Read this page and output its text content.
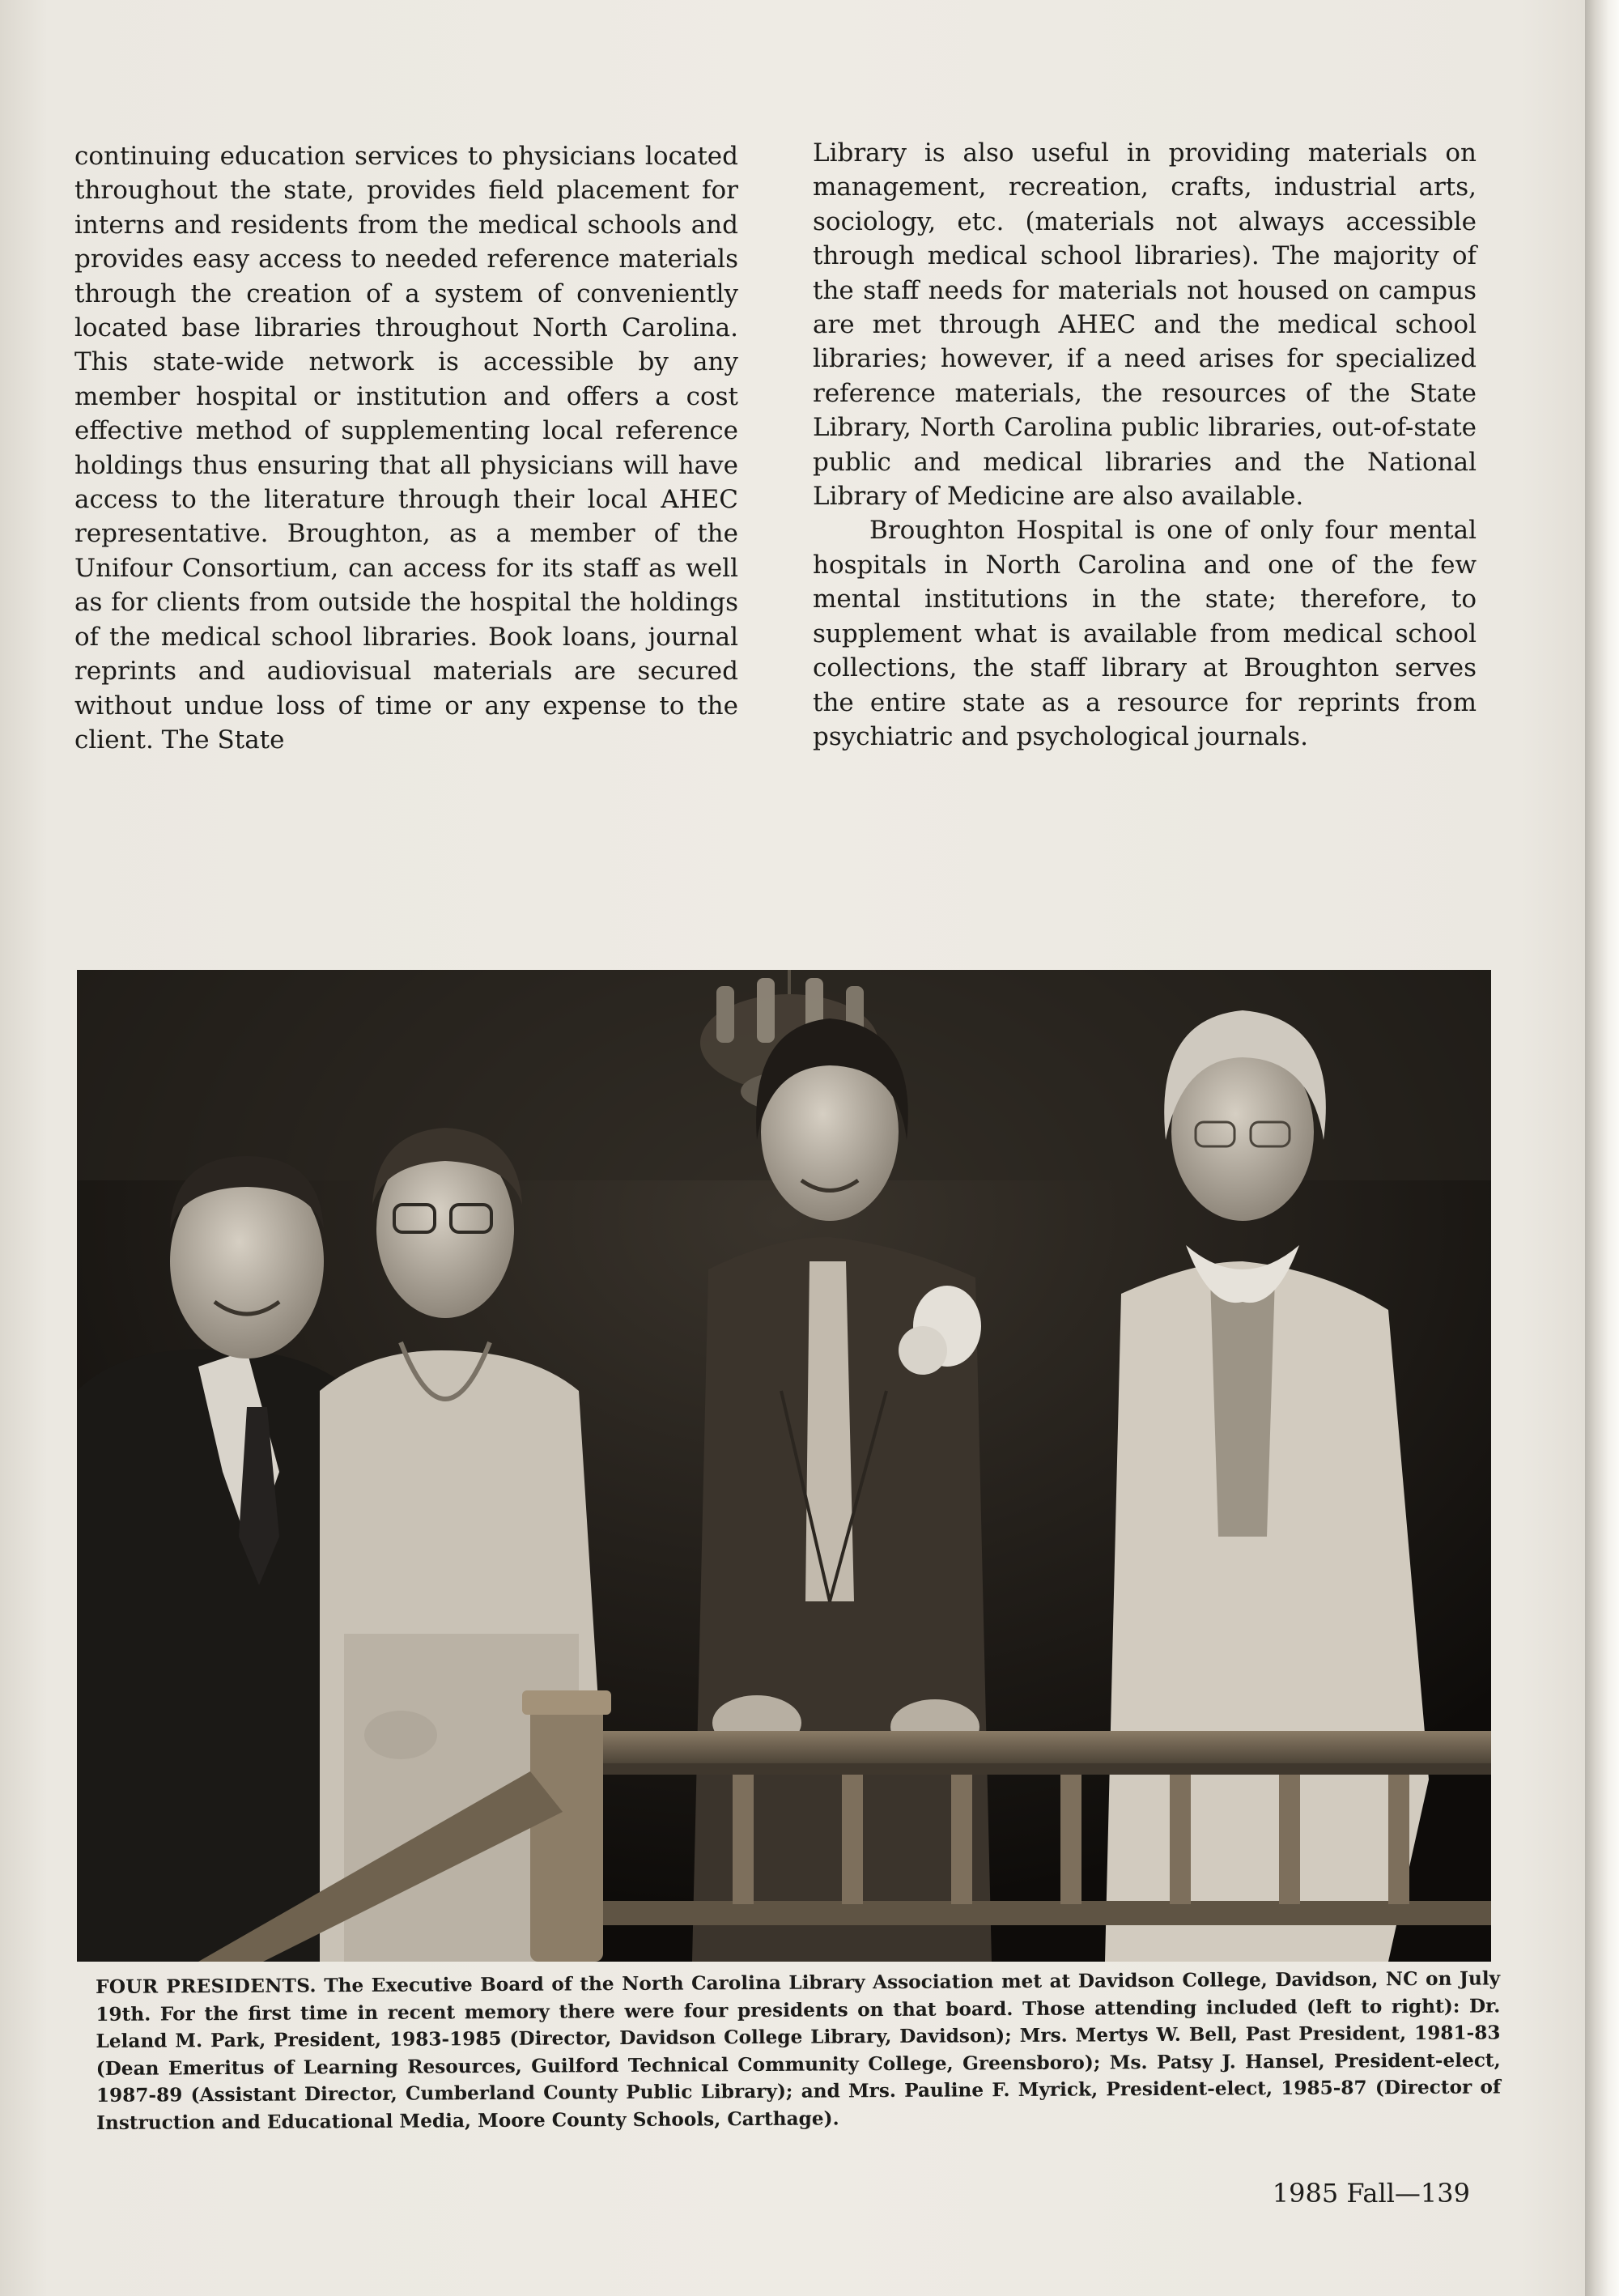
continuing education services to physicians located throughout the state, provides field placement for interns and residents from the medical schools and provides easy access to needed reference materials through the creation of a system of conveniently located base libraries throughout North Carolina. This state-wide network is accessible by any member hospital or institution and offers a cost effective method of supplementing local reference holdings thus ensuring that all physicians will have access to the literature through their local AHEC representative. Broughton, as a member of the Unifour Consortium, can access for its staff as well as for clients from outside the hospital the holdings of the medical school libraries. Book loans, journal reprints and audiovisual materials are secured without undue loss of time or any expense to the client. The State

Library is also useful in providing materials on management, recreation, crafts, industrial arts, sociology, etc. (materials not always accessible through medical school libraries). The majority of the staff needs for materials not housed on campus are met through AHEC and the medical school libraries; however, if a need arises for specialized reference materials, the resources of the State Library, North Carolina public libraries, out-of-state public and medical libraries and the National Library of Medicine are also available.

Broughton Hospital is one of only four mental hospitals in North Carolina and one of the few mental institutions in the state; therefore, to supplement what is available from medical school collections, the staff library at Broughton serves the entire state as a resource for reprints from psychiatric and psychological journals.

FOUR PRESIDENTS. The Executive Board of the North Carolina Library Association met at Davidson College, Davidson, NC on July 19th. For the first time in recent memory there were four presidents on that board. Those attending included (left to right): Dr. Leland M. Park, President, 1983-1985 (Director, Davidson College Library, Davidson); Mrs. Mertys W. Bell, Past President, 1981-83 (Dean Emeritus of Learning Resources, Guilford Technical Community College, Greensboro); Ms. Patsy J. Hansel, President-elect, 1987-89 (Assistant Director, Cumberland County Public Library); and Mrs. Pauline F. Myrick, President-elect, 1985-87 (Director of Instruction and Educational Media, Moore County Schools, Carthage).
1985 Fall—139
